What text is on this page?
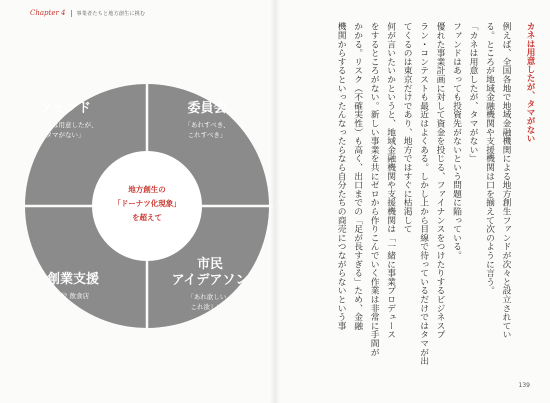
Chapter 4 事業者たちと地方創生に挑む
地方創生の
「ドーナツ化現象」
を超えて
ファンド
「カネは用意したが、
タマがない」
委員会
「あれすべき、
これすべき」
創業支援
1位 飲食店
市民
アイデアソン
「あれ欲しい、
これ欲しい」
カネは用意したが、タマがない
例えば、全国各地で地域金融機関による地方創生ファンドが次々と設立されてい
る。ところが地域金融機関や支援機関は口を揃えて次のように言う。
「カネは用意したが、タマがない」
ファンドはあっても投資先がないという問題に陥っている。
優れた事業計画に対して資金を投じる、ファイナンスをつけたりするビジネスプ
ラン・コンテストも最近はよくある。しかし上から目線で待っているだけではタマが出
てくるのは東京だけであり、地方ではすぐに枯渇して
何が言いたいかというと、地域金融機関や支援機関は「一緒に事業プロデュース
をするところがない。新しい事業を共にゼロから作りこんでいく作業は非常に手間が
かかる。リスク（不確実性）も高く、出口までの「足が長すぎる」ため、金融
機関からするといったんなったらなら自分たちの商売につながらないという事
139
